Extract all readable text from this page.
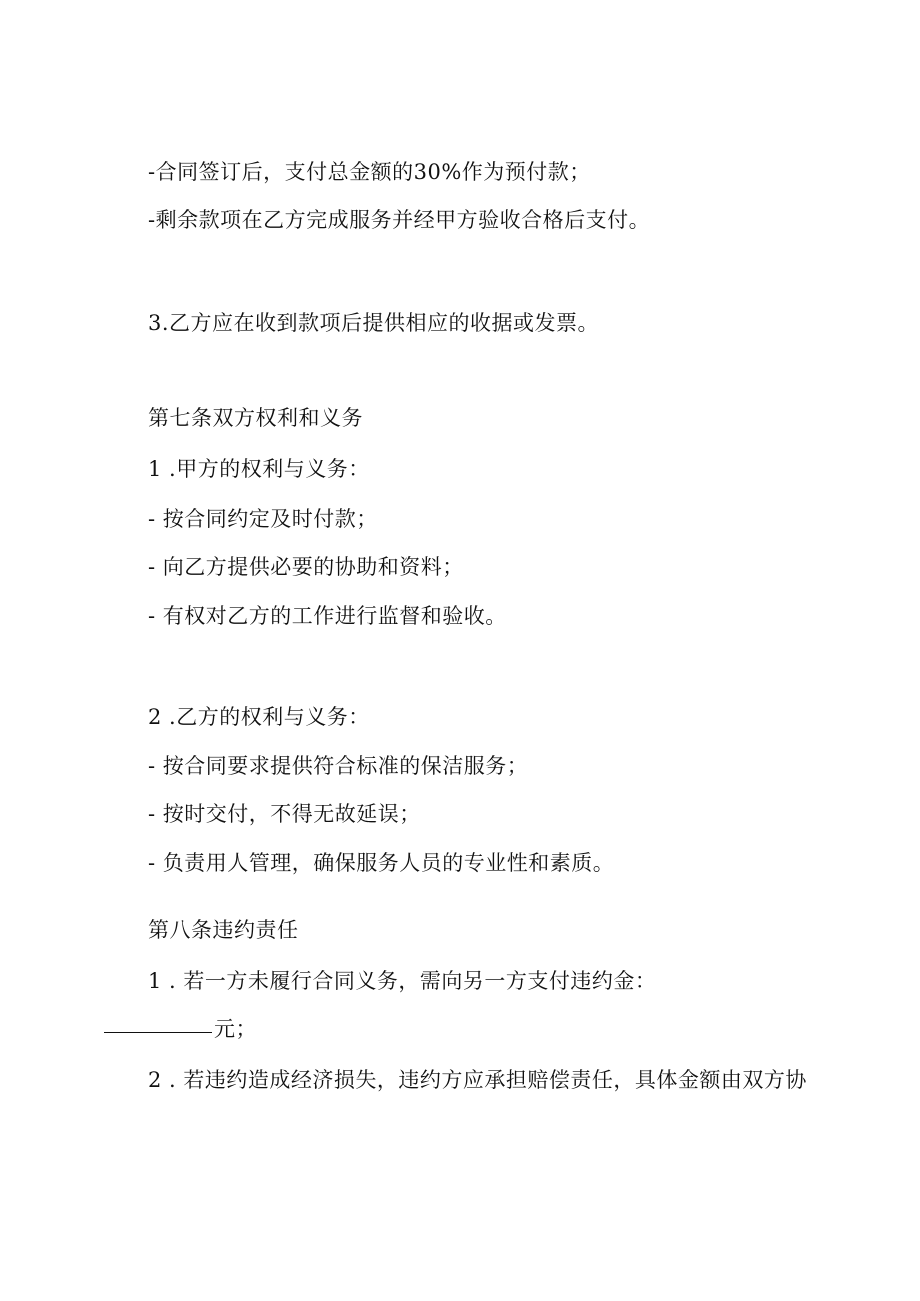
-合同签订后，支付总金额的30%作为预付款；
-剩余款项在乙方完成服务并经甲方验收合格后支付。
3.乙方应在收到款项后提供相应的收据或发票。
第七条双方权利和义务
1 .甲方的权利与义务：
- 按合同约定及时付款；
- 向乙方提供必要的协助和资料；
- 有权对乙方的工作进行监督和验收。
2 .乙方的权利与义务：
- 按合同要求提供符合标准的保洁服务；
- 按时交付，不得无故延误；
- 负责用人管理，确保服务人员的专业性和素质。
第八条违约责任
1 . 若一方未履行合同义务，需向另一方支付违约金：
元；
2 . 若违约造成经济损失，违约方应承担赔偿责任，具体金额由双方协
